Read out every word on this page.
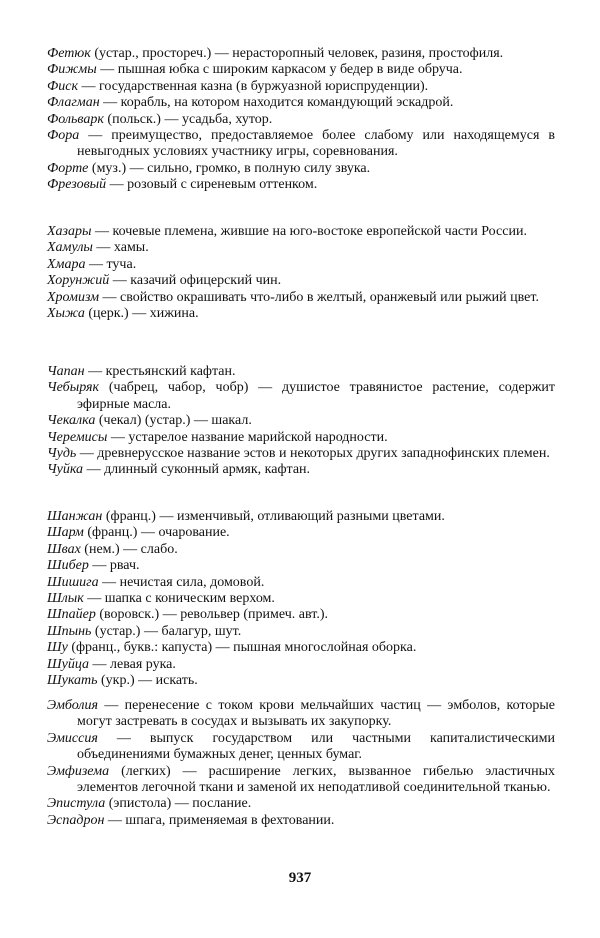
Фетюк (устар., простореч.) — нерасторопный человек, разиня, простофиля.

Фижмы — пышная юбка с широким каркасом у бедер в виде обруча.

Фиск — государственная казна (в буржуазной юриспруденции).

Флагман — корабль, на котором находится командующий эскадрой.

Фольварк (польск.) — усадьба, хутор.

Фора — преимущество, предоставляемое более слабому или находящемуся в невыгодных условиях участнику игры, соревнования.

Форте (муз.) — сильно, громко, в полную силу звука.

Фрезовый — розовый с сиреневым оттенком.

Хазары — кочевые племена, жившие на юго-востоке европейской части России.

Хамулы — хамы.

Хмара — туча.

Хорунжий — казачий офицерский чин.

Хромизм — свойство окрашивать что-либо в желтый, оранжевый или рыжий цвет.

Хыжа (церк.) — хижина.

Чапан — крестьянский кафтан.

Чебыряк (чабрец, чабор, чобр) — душистое травянистое растение, содержит эфирные масла.

Чекалка (чекал) (устар.) — шакал.

Черемисы — устарелое название марийской народности.

Чудь — древнерусское название эстов и некоторых других западнофинских племен.

Чуйка — длинный суконный армяк, кафтан.

Шанжан (франц.) — изменчивый, отливающий разными цветами.

Шарм (франц.) — очарование.

Швах (нем.) — слабо.

Шибер — рвач.

Шишига — нечистая сила, домовой.

Шлык — шапка с коническим верхом.

Шпайер (воровск.) — револьвер (примеч. авт.).

Шпынь (устар.) — балагур, шут.

Шу (франц., букв.: капуста) — пышная многослойная оборка.

Шуйца — левая рука.

Шукать (укр.) — искать.

Эмболия — перенесение с током крови мельчайших частиц — эмболов, которые могут застревать в сосудах и вызывать их закупорку.

Эмиссия — выпуск государством или частными капиталистическими объединениями бумажных денег, ценных бумаг.

Эмфизема (легких) — расширение легких, вызванное гибелью эластичных элементов легочной ткани и заменой их неподатливой соединительной тканью.

Эпистула (эпистола) — послание.

Эспадрон — шпага, применяемая в фехтовании.

937
